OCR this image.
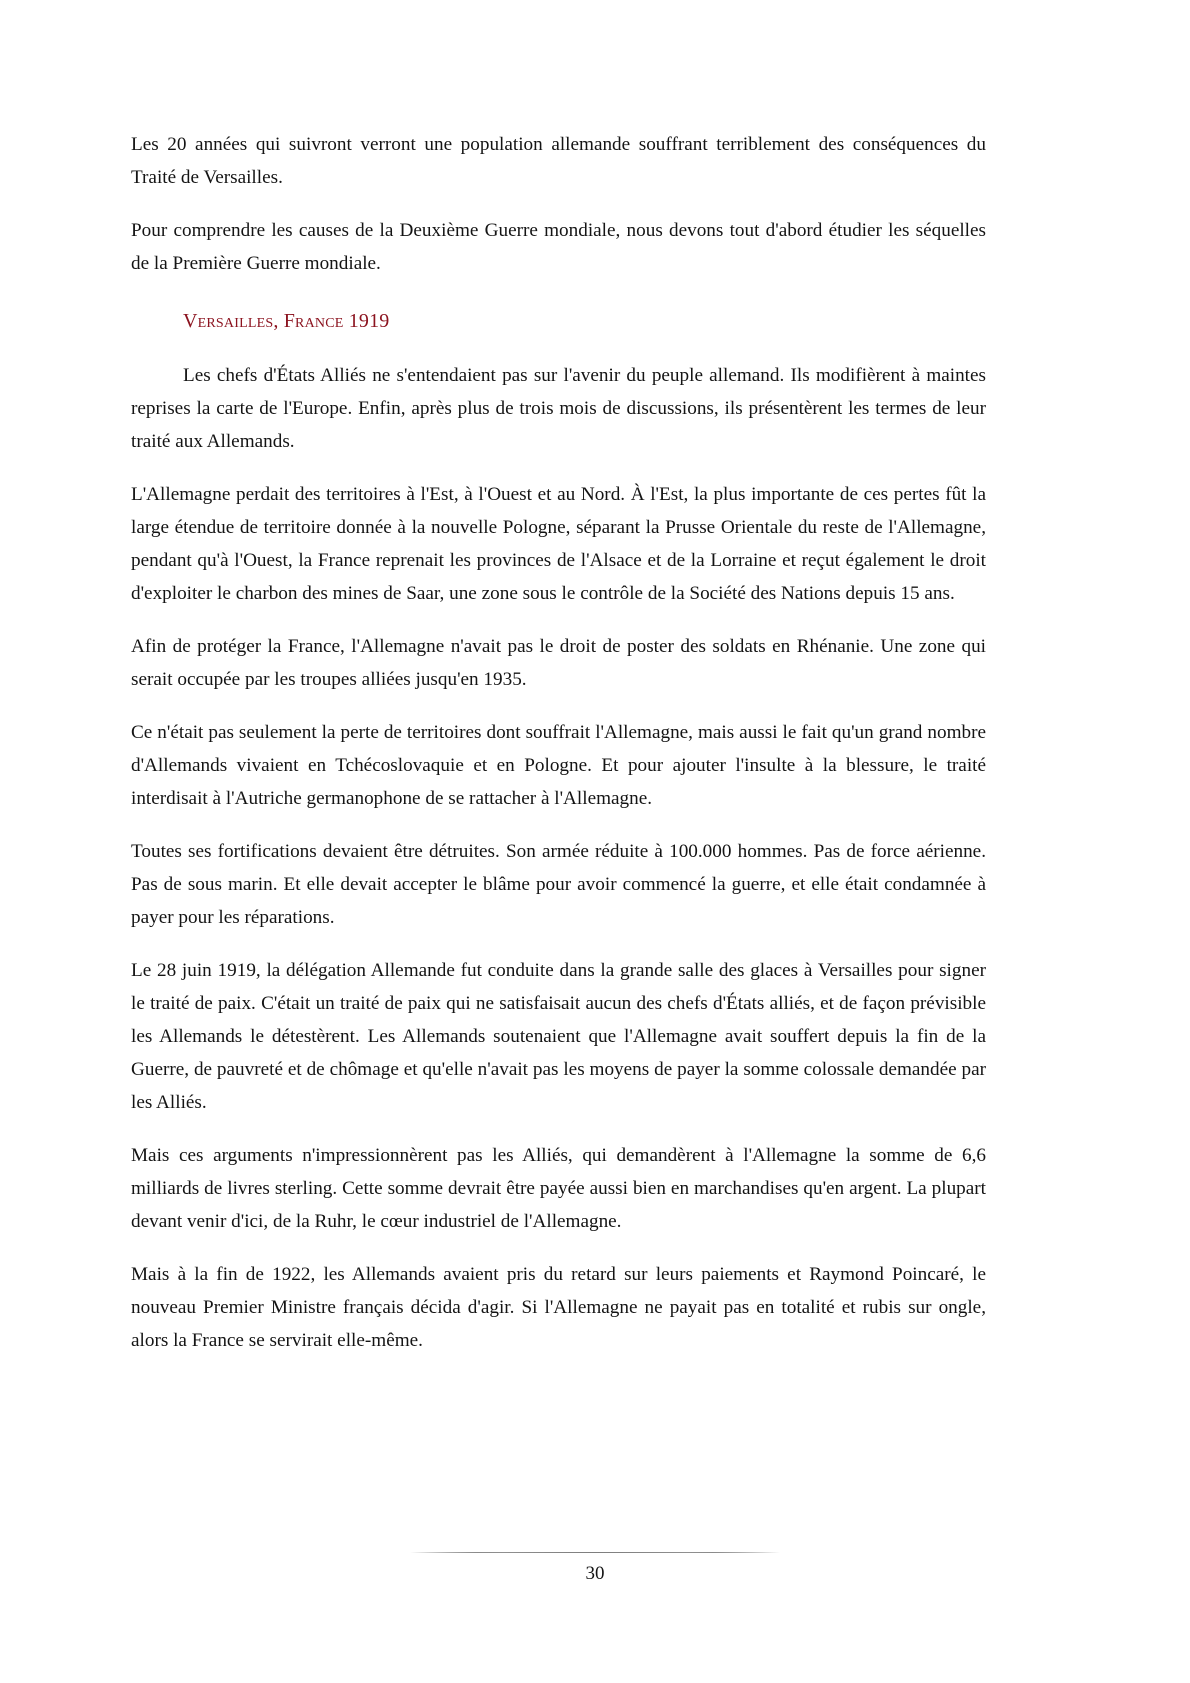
Les 20 années qui suivront verront une population allemande souffrant terriblement des conséquences du Traité de Versailles.

Pour comprendre les causes de la Deuxième Guerre mondiale, nous devons tout d'abord étudier les séquelles de la Première Guerre mondiale.

Versailles, France 1919

Les chefs d'États Alliés ne s'entendaient pas sur l'avenir du peuple allemand. Ils modifièrent à maintes reprises la carte de l'Europe. Enfin, après plus de trois mois de discussions, ils présentèrent les termes de leur traité aux Allemands.

L'Allemagne perdait des territoires à l'Est, à l'Ouest et au Nord. À l'Est, la plus importante de ces pertes fût la large étendue de territoire donnée à la nouvelle Pologne, séparant la Prusse Orientale du reste de l'Allemagne, pendant qu'à l'Ouest, la France reprenait les provinces de l'Alsace et de la Lorraine et reçut également le droit d'exploiter le charbon des mines de Saar, une zone sous le contrôle de la Société des Nations depuis 15 ans.

Afin de protéger la France, l'Allemagne n'avait pas le droit de poster des soldats en Rhénanie. Une zone qui serait occupée par les troupes alliées jusqu'en 1935.

Ce n'était pas seulement la perte de territoires dont souffrait l'Allemagne, mais aussi le fait qu'un grand nombre d'Allemands vivaient en Tchécoslovaquie et en Pologne. Et pour ajouter l'insulte à la blessure, le traité interdisait à l'Autriche germanophone de se rattacher à l'Allemagne.

Toutes ses fortifications devaient être détruites. Son armée réduite à 100.000 hommes. Pas de force aérienne. Pas de sous marin. Et elle devait accepter le blâme pour avoir commencé la guerre, et elle était condamnée à payer pour les réparations.

Le 28 juin 1919, la délégation Allemande fut conduite dans la grande salle des glaces à Versailles pour signer le traité de paix. C'était un traité de paix qui ne satisfaisait aucun des chefs d'États alliés, et de façon prévisible les Allemands le détestèrent. Les Allemands soutenaient que l'Allemagne avait souffert depuis la fin de la Guerre, de pauvreté et de chômage et qu'elle n'avait pas les moyens de payer la somme colossale demandée par les Alliés.

Mais ces arguments n'impressionnèrent pas les Alliés, qui demandèrent à l'Allemagne la somme de 6,6 milliards de livres sterling. Cette somme devrait être payée aussi bien en marchandises qu'en argent. La plupart devant venir d'ici, de la Ruhr, le cœur industriel de l'Allemagne.

Mais à la fin de 1922, les Allemands avaient pris du retard sur leurs paiements et Raymond Poincaré, le nouveau Premier Ministre français décida d'agir. Si l'Allemagne ne payait pas en totalité et rubis sur ongle, alors la France se servirait elle-même.

30
